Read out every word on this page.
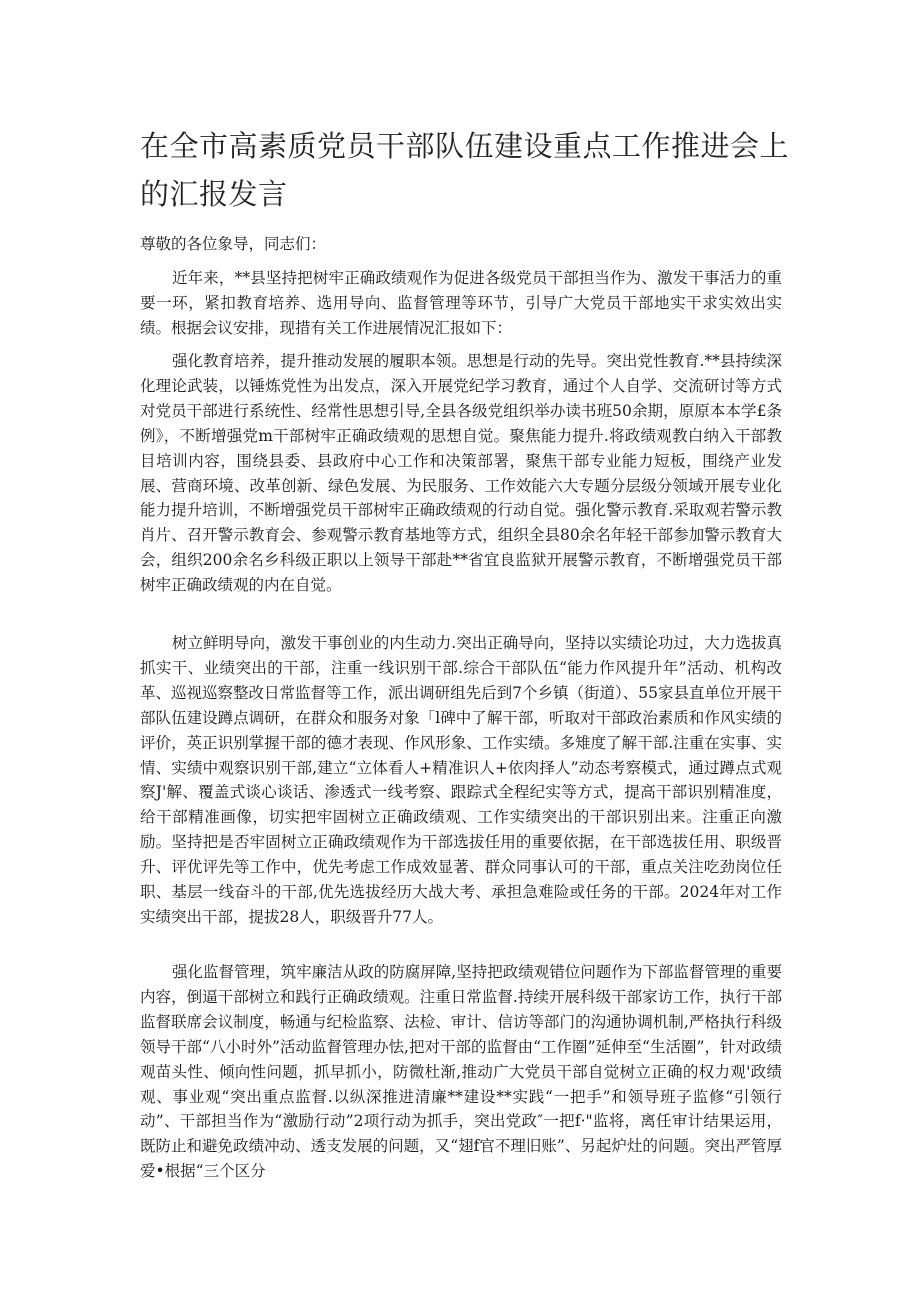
在全市高素质党员干部队伍建设重点工作推进会上的汇报发言

尊敬的各位象导，同志们：

近年来，**县坚持把树牢正确政绩观作为促进各级党员干部担当作为、激发干事活力的重要一环，紧扣教育培养、选用导向、监督管理等环节，引导广大党员干部地实干求实效出实绩。根据会议安排，现措有关工作进展情况汇报如下：

强化教育培养，提升推动发展的履职本领。思想是行动的先导。突出党性教育.**县持续深化理论武装，以锤炼党性为出发点，深入开展党纪学习教育，通过个人自学、交流研讨等方式对党员干部进行系统性、经常性思想引导,全县各级党组织举办读书班50余期，原原本本学£条例》，不断增强党m干部树牢正确政绩观的思想自觉。聚焦能力提升.将政绩观教白纳入干部教目培训内容，围绕县委、县政府中心工作和决策部署，聚焦干部专业能力短板，围绕产业发展、营商环境、改革创新、绿色发展、为民服务、工作效能六大专题分层级分领域开展专业化能力提升培训，不断增强党员干部树牢正确政绩观的行动自觉。强化警示教育.采取观若警示教肖片、召开警示教育会、参观警示教育基地等方式，组织全县80余名年轻干部参加警示教育大会，组织200余名乡科级正职以上领导干部赴**省宜良监狱开展警示教育，不断增强党员干部树牢正确政绩观的内在自觉。

树立鲜明导向，激发干事创业的内生动力.突出正确导向，坚持以实绩论功过，大力选拔真抓实干、业绩突出的干部，注重一线识别干部.综合干部队伍“能力作风提升年”活动、机构改革、巡视巡察整改日常监督等工作，派出调研组先后到7个乡镇（街道）、55家县直单位开展干部队伍建设蹲点调研，在群众和服务对象「l碑中了解干部，听取对干部政治素质和作风实绩的评价，英正识别掌握干部的德才表现、作风形象、工作实绩。多雉度了解干部.注重在实事、实情、实绩中观察识别干部,建立“立体看人+精准识人+依肉择人”动态考察模式，通过蹲点式观察J'解、覆盖式谈心谈话、渗透式一线考察、跟踪式全程纪实等方式，提高干部识别精准度，给干部精准画像，切实把牢固树立正确政绩观、工作实绩突出的干部识别出来。注重正向激励。坚持把是否牢固树立正确政绩观作为干部选拔任用的重要依据，在干部选拔任用、职级晋升、评优评先等工作中，优先考虑工作成效显著、群众同事认可的干部，重点关注吃劲岗位任职、基层一线奋斗的干部,优先选拔经历大战大考、承担急难险或任务的干部。2024年对工作实绩突出干部，提拔28人，职级晋升77人。

强化监督管理，筑牢廉洁从政的防腐屏障,坚持把政绩观错位问题作为下部监督管理的重要内容，倒逼干部树立和践行正确政绩观。注重日常监督.持续开展科级干部家访工作，执行干部监督联席会议制度，畅通与纪检监察、法检、审计、信访等部门的沟通协调机制,严格执行科级领导干部“八小时外”活动监督管理办怯,把对干部的监督由“工作圈”延伸至“生活圈”，针对政绩观苗头性、倾向性问题，抓早抓小，防微杜渐,推动广大党员干部自觉树立正确的权力观'政绩观、事业观“突出重点监督.以纵深推进清廉**建设**实践“一把手”和领导班子监修“引领行动”、干部担当作为“激励行动”2项行动为抓手，突出党政″一把f·"监将，离任审计结果运用，既防止和避免政绩冲动、透支发展的问题，又“翅f官不理旧账”、另起炉灶的问题。突出严管厚爱•根据“三个区分
